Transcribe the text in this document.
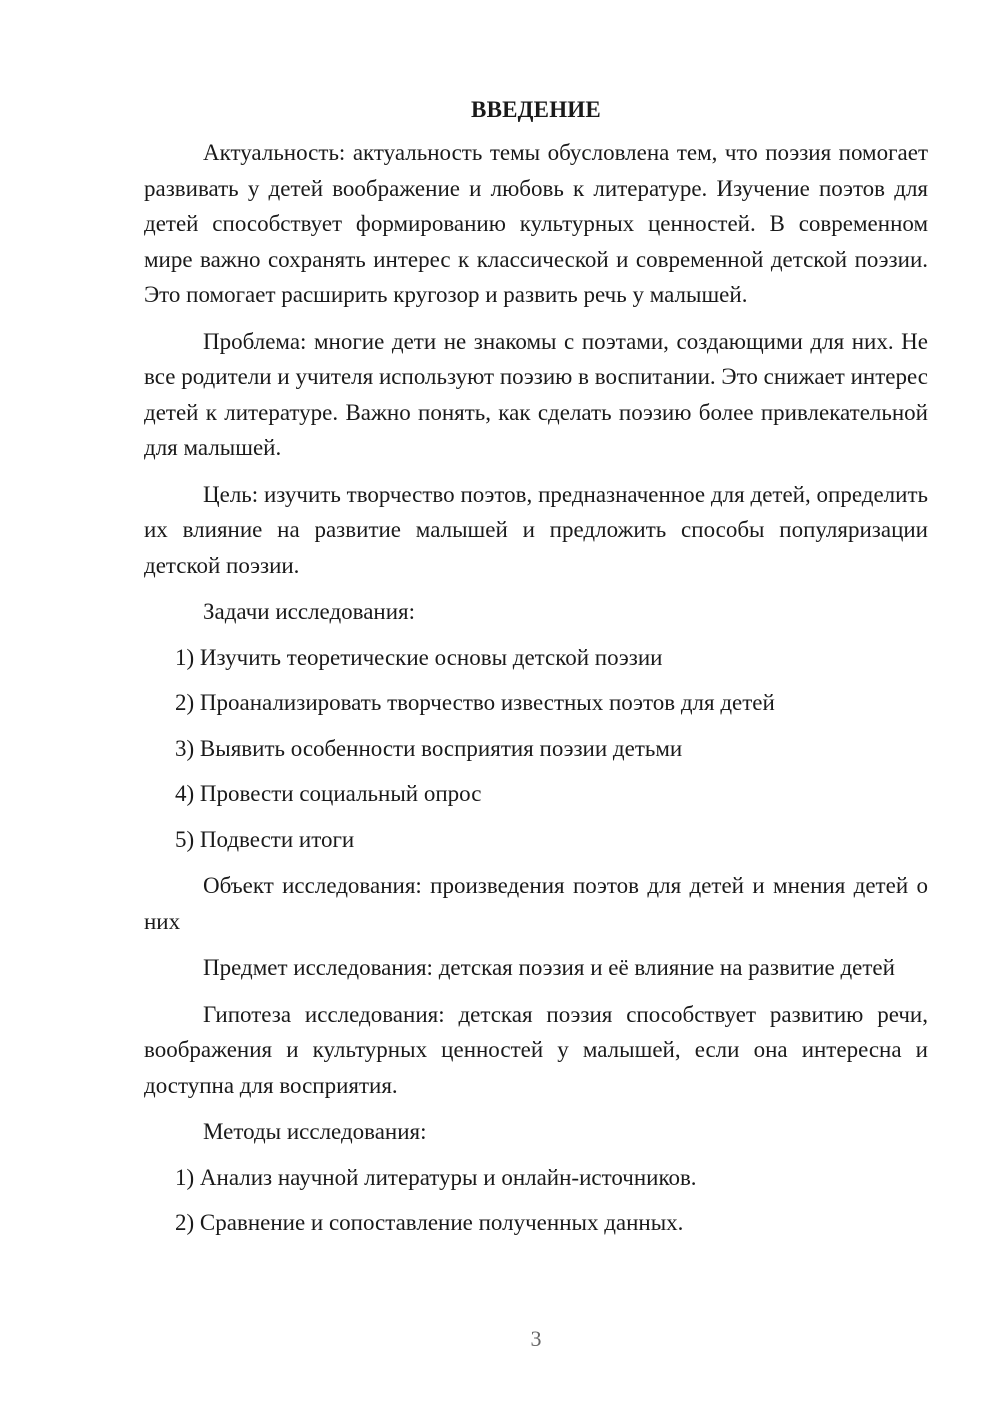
ВВЕДЕНИЕ

Актуальность: актуальность темы обусловлена тем, что поэзия помогает развивать у детей воображение и любовь к литературе. Изучение поэтов для детей способствует формированию культурных ценностей. В современном мире важно сохранять интерес к классической и современной детской поэзии. Это помогает расширить кругозор и развить речь у малышей.

Проблема: многие дети не знакомы с поэтами, создающими для них. Не все родители и учителя используют поэзию в воспитании. Это снижает интерес детей к литературе. Важно понять, как сделать поэзию более привлекательной для малышей.

Цель: изучить творчество поэтов, предназначенное для детей, определить их влияние на развитие малышей и предложить способы популяризации детской поэзии.

Задачи исследования:
1) Изучить теоретические основы детской поэзии
2) Проанализировать творчество известных поэтов для детей
3) Выявить особенности восприятия поэзии детьми
4) Провести социальный опрос
5) Подвести итоги

Объект исследования: произведения поэтов для детей и мнения детей о них

Предмет исследования: детская поэзия и её влияние на развитие детей

Гипотеза исследования: детская поэзия способствует развитию речи, воображения и культурных ценностей у малышей, если она интересна и доступна для восприятия.

Методы исследования:
1) Анализ научной литературы и онлайн-источников.
2) Сравнение и сопоставление полученных данных.
3
